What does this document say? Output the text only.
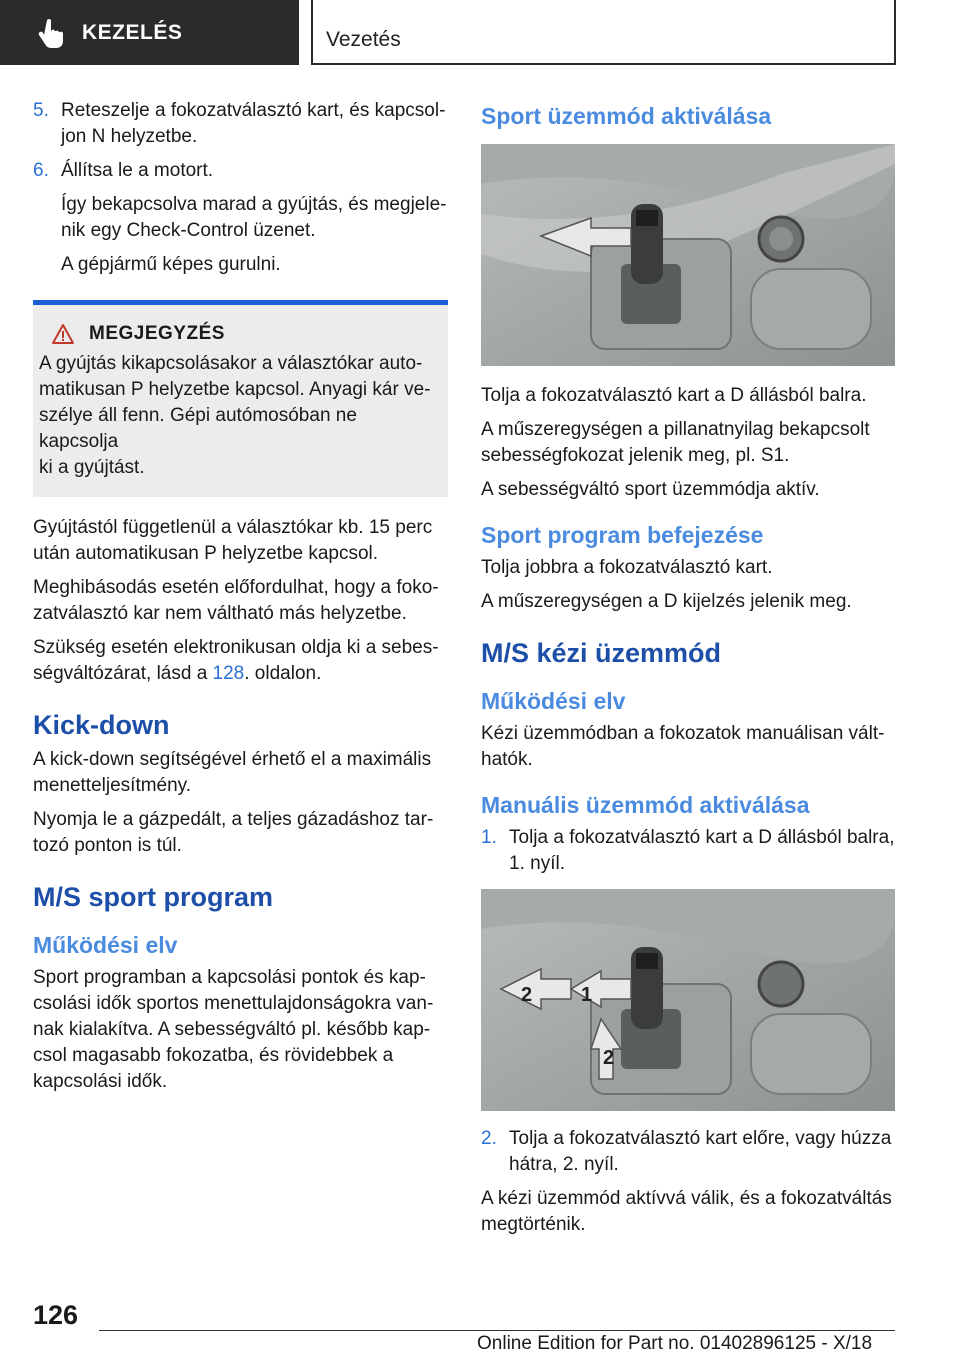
KEZELÉS	Vezetés

5. Reteszelje a fokozatválasztó kart, és kapcsol-
jon N helyzetbe.

6. Állítsa le a motort.

Így bekapcsolva marad a gyújtás, és megjele-
nik egy Check-Control üzenet.

A gépjármű képes gurulni.

MEGJEGYZÉS

A gyújtás kikapcsolásakor a választókar auto-
matikusan P helyzetbe kapcsol. Anyagi kár ve-
szélye áll fenn. Gépi autómosóban ne kapcsolja
ki a gyújtást.

Gyújtástól függetlenül a választókar kb. 15 perc
után automatikusan P helyzetbe kapcsol.

Meghibásodás esetén előfordulhat, hogy a foko-
zatválasztó kar nem váltható más helyzetbe.

Szükség esetén elektronikusan oldja ki a sebes-
ségváltózárat, lásd a 128. oldalon.

Kick-down

A kick-down segítségével érhető el a maximális
menetteljesítmény.

Nyomja le a gázpedált, a teljes gázadáshoz tar-
tozó ponton is túl.

M/S sport program
Működési elv

Sport programban a kapcsolási pontok és kap-
csolási idők sportos menettulajdonságokra van-
nak kialakítva. A sebességváltó pl. később kap-
csol magasabb fokozatba, és rövidebbek a
kapcsolási idők.

Sport üzemmód aktiválása

Tolja a fokozatválasztó kart a D állásból balra.

A műszeregységen a pillanatnyilag bekapcsolt
sebességfokozat jelenik meg, pl. S1.

A sebességváltó sport üzemmódja aktív.

Sport program befejezése

Tolja jobbra a fokozatválasztó kart.

A műszeregységen a D kijelzés jelenik meg.

M/S kézi üzemmód
Működési elv

Kézi üzemmódban a fokozatok manuálisan vált-
hatók.

Manuális üzemmód aktiválása

1. Tolja a fokozatválasztó kart a D állásból balra,
1. nyíl.

2 1
2

2. Tolja a fokozatválasztó kart előre, vagy húzza
hátra, 2. nyíl.

A kézi üzemmód aktívvá válik, és a fokozatváltás
megtörténik.

126
Online Edition for Part no. 01402896125 - X/18
